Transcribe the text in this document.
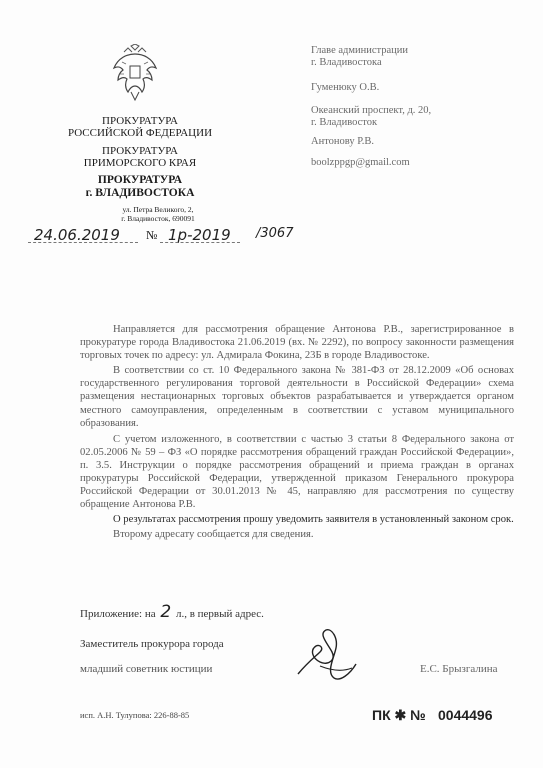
ПРОКУРАТУРА
РОССИЙСКОЙ ФЕДЕРАЦИИ
ПРОКУРАТУРА
ПРИМОРСКОГО КРАЯ
ПРОКУРАТУРА
г. ВЛАДИВОСТОКА
ул. Петра Великого, 2,
г. Владивосток, 690091
24.06.2019 № 1р-2019 /3067
Главе администрации
г. Владивостока
Гуменюку О.В.
Океанский проспект, д. 20,
г. Владивосток
Антонову Р.В.
boolzppgp@gmail.com

Направляется для рассмотрения обращение Антонова Р.В., зарегистрированное в прокуратуре города Владивостока 21.06.2019 (вх. № 2292), по вопросу законности размещения торговых точек по адресу: ул. Адмирала Фокина, 23Б в городе Владивостоке.

В соответствии со ст. 10 Федерального закона № 381-ФЗ от 28.12.2009 «Об основах государственного регулирования торговой деятельности в Российской Федерации» схема размещения нестационарных торговых объектов разрабатывается и утверждается органом местного самоуправления, определенным в соответствии с уставом муниципального образования.

С учетом изложенного, в соответствии с частью 3 статьи 8 Федерального закона от 02.05.2006 № 59 – ФЗ «О порядке рассмотрения обращений граждан Российской Федерации», п. 3.5. Инструкции о порядке рассмотрения обращений и приема граждан в органах прокуратуры Российской Федерации, утвержденной приказом Генерального прокурора Российской Федерации от 30.01.2013 № 45, направляю для рассмотрения по существу обращение Антонова Р.В.

О результатах рассмотрения прошу уведомить заявителя в установленный законом срок.

Второму адресату сообщается для сведения.

Приложение: на 2 л., в первый адрес.
Заместитель прокурора города
младший советник юстиции	Е.С. Брызгалина
исп. А.Н. Тулупова: 226-88-85	ПК ✱ № 0044496
